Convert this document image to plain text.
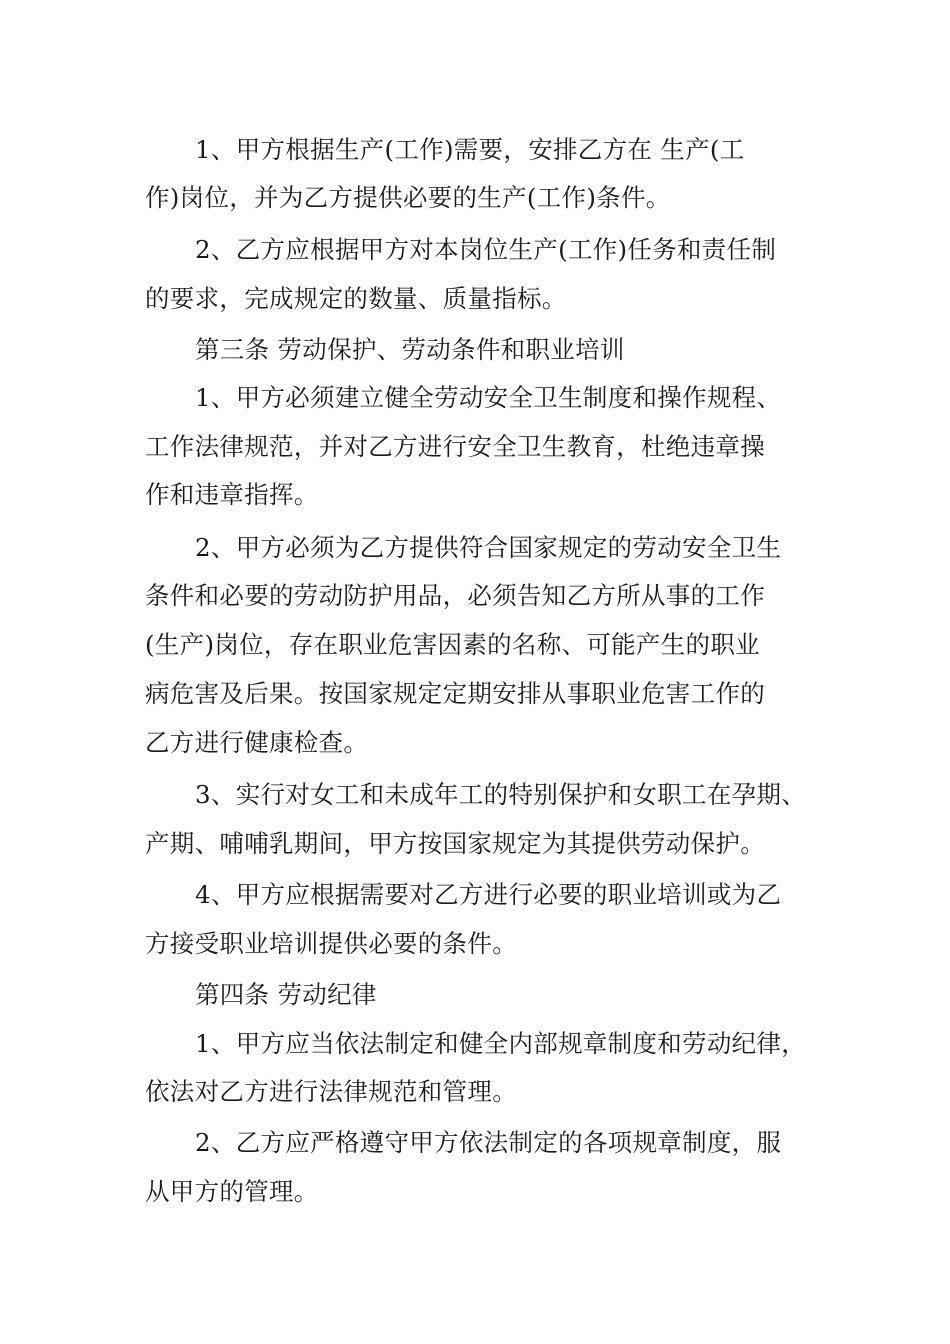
1、甲方根据生产(工作)需要，安排乙方在 生产(工

作)岗位，并为乙方提供必要的生产(工作)条件。

2、乙方应根据甲方对本岗位生产(工作)任务和责任制

的要求，完成规定的数量、质量指标。

第三条 劳动保护、劳动条件和职业培训

1、甲方必须建立健全劳动安全卫生制度和操作规程、

工作法律规范，并对乙方进行安全卫生教育，杜绝违章操

作和违章指挥。

2、甲方必须为乙方提供符合国家规定的劳动安全卫生

条件和必要的劳动防护用品，必须告知乙方所从事的工作

(生产)岗位，存在职业危害因素的名称、可能产生的职业

病危害及后果。按国家规定定期安排从事职业危害工作的

乙方进行健康检查。

3、实行对女工和未成年工的特别保护和女职工在孕期、

产期、哺哺乳期间，甲方按国家规定为其提供劳动保护。

4、甲方应根据需要对乙方进行必要的职业培训或为乙

方接受职业培训提供必要的条件。

第四条 劳动纪律

1、甲方应当依法制定和健全内部规章制度和劳动纪律，

依法对乙方进行法律规范和管理。

2、乙方应严格遵守甲方依法制定的各项规章制度，服

从甲方的管理。
